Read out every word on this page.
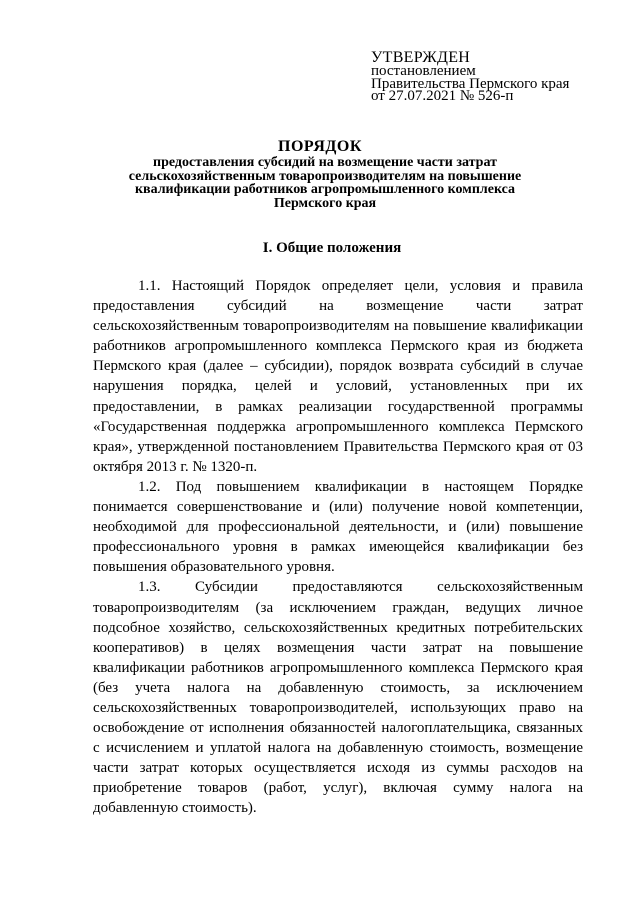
УТВЕРЖДЕН
постановлением
Правительства Пермского края
от 27.07.2021 № 526-п
ПОРЯДОК
предоставления субсидий на возмещение части затрат сельскохозяйственным товаропроизводителям на повышение квалификации работников агропромышленного комплекса Пермского края
I. Общие положения

1.1. Настоящий Порядок определяет цели, условия и правила предоставления субсидий на возмещение части затрат сельскохозяйственным товаропроизводителям на повышение квалификации работников агропромышленного комплекса Пермского края из бюджета Пермского края (далее – субсидии), порядок возврата субсидий в случае нарушения порядка, целей и условий, установленных при их предоставлении, в рамках реализации государственной программы «Государственная поддержка агропромышленного комплекса Пермского края», утвержденной постановлением Правительства Пермского края от 03 октября 2013 г. № 1320-п.

1.2. Под повышением квалификации в настоящем Порядке понимается совершенствование и (или) получение новой компетенции, необходимой для профессиональной деятельности, и (или) повышение профессионального уровня в рамках имеющейся квалификации без повышения образовательного уровня.

1.3. Субсидии предоставляются сельскохозяйственным товаропроизводителям (за исключением граждан, ведущих личное подсобное хозяйство, сельскохозяйственных кредитных потребительских кооперативов) в целях возмещения части затрат на повышение квалификации работников агропромышленного комплекса Пермского края (без учета налога на добавленную стоимость, за исключением сельскохозяйственных товаропроизводителей, использующих право на освобождение от исполнения обязанностей налогоплательщика, связанных с исчислением и уплатой налога на добавленную стоимость, возмещение части затрат которых осуществляется исходя из суммы расходов на приобретение товаров (работ, услуг), включая сумму налога на добавленную стоимость).
